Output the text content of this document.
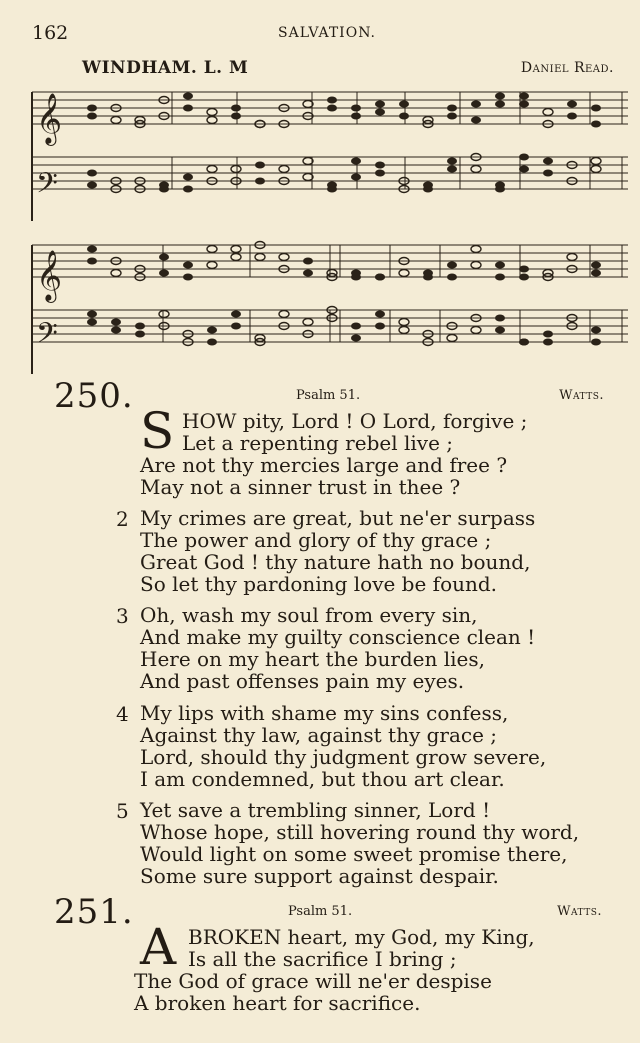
162	SALVATION.
WINDHAM. L. M	Daniel Read.
𝄞
𝄢
𝄞
𝄢
250.	Psalm 51.	Watts.
S HOW pity, Lord ! O Lord, forgive ;
Let a repenting rebel live ;
Are not thy mercies large and free ?
May not a sinner trust in thee ?
2 My crimes are great, but ne'er surpass
The power and glory of thy grace ;
Great God ! thy nature hath no bound,
So let thy pardoning love be found.
3 Oh, wash my soul from every sin,
And make my guilty conscience clean !
Here on my heart the burden lies,
And past offenses pain my eyes.
4 My lips with shame my sins confess,
Against thy law, against thy grace ;
Lord, should thy judgment grow severe,
I am condemned, but thou art clear.
5 Yet save a trembling sinner, Lord !
Whose hope, still hovering round thy word,
Would light on some sweet promise there,
Some sure support against despair.
251.	Psalm 51.	Watts.
A BROKEN heart, my God, my King,
Is all the sacrifice I bring ;
The God of grace will ne'er despise
A broken heart for sacrifice.
